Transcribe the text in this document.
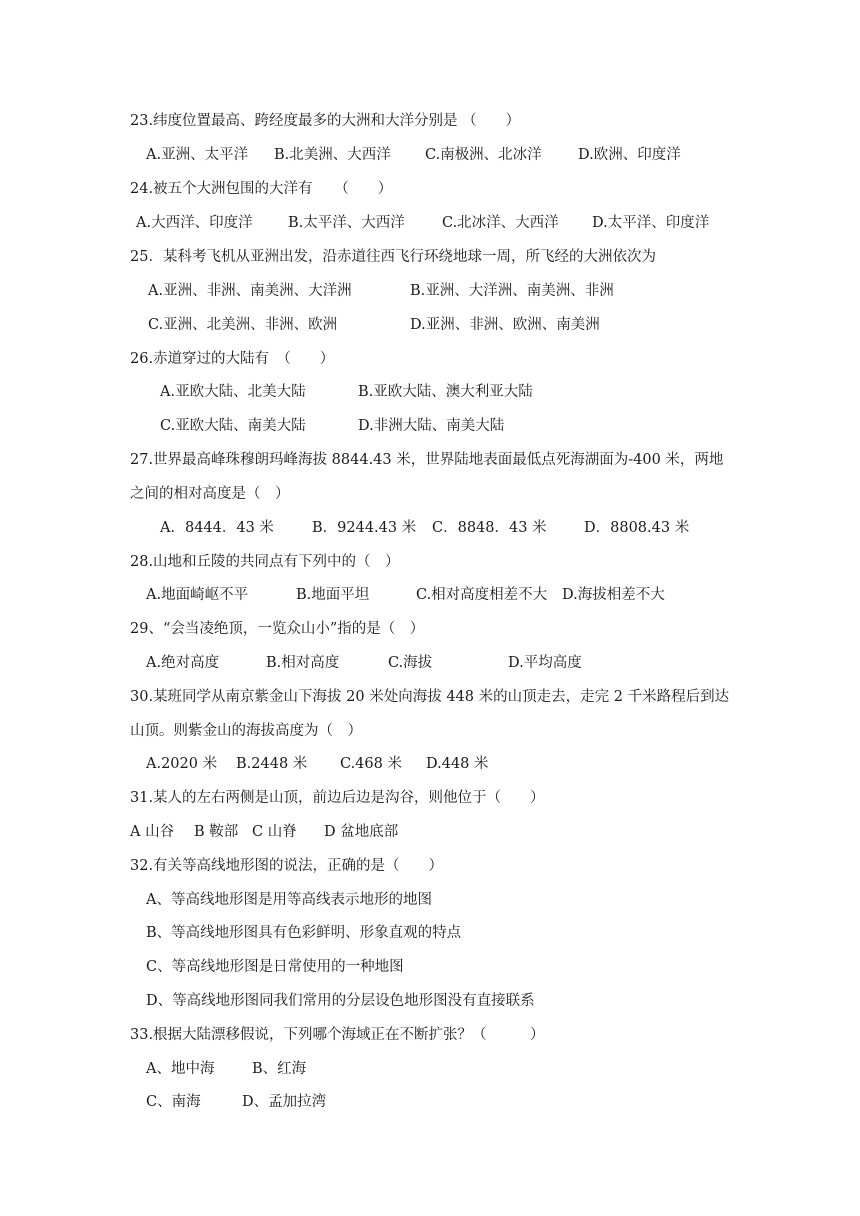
23.纬度位置最高、跨经度最多的大洲和大洋分别是 （　　）
A.亚洲、太平洋 B.北美洲、大西洋 C.南极洲、北冰洋	D.欧洲、印度洋
24.被五个大洲包围的大洋有　　（　　）
A.大西洋、印度洋 B.太平洋、大西洋	C.北冰洋、大西洋 D.太平洋、印度洋
25．某科考飞机从亚洲出发，沿赤道往西飞行环绕地球一周，所飞经的大洲依次为
A.亚洲、非洲、南美洲、大洋洲	B.亚洲、大洋洲、南美洲、非洲
C.亚洲、北美洲、非洲、欧洲	D.亚洲、非洲、欧洲、南美洲
26.赤道穿过的大陆有　（　　）
A.亚欧大陆、北美大陆	B.亚欧大陆、澳大利亚大陆
C.亚欧大陆、南美大陆	D.非洲大陆、南美大陆
27.世界最高峰珠穆朗玛峰海拔 8844.43 米，世界陆地表面最低点死海湖面为-400 米，两地
之间的相对高度是（　）
A．8444．43 米	B．9244.43 米 C．8848．43 米	D．8808.43 米
28.山地和丘陵的共同点有下列中的（　）
A.地面崎岖不平	B.地面平坦	C.相对高度相差不大 D.海拔相差不大
29、“会当凌绝顶，一览众山小”指的是（　）
A.绝对高度	B.相对高度	C.海拔	D.平均高度
30.某班同学从南京紫金山下海拔 20 米处向海拔 448 米的山顶走去，走完 2 千米路程后到达
山顶。则紫金山的海拔高度为（　）
A.2020 米 B.2448 米 C.468 米 D.448 米
31.某人的左右两侧是山顶，前边后边是沟谷，则他位于（　　）
A 山谷 B 鞍部 C 山脊 D 盆地底部
32.有关等高线地形图的说法，正确的是（　　）
A、等高线地形图是用等高线表示地形的地图
B、等高线地形图具有色彩鲜明、形象直观的特点
C、等高线地形图是日常使用的一种地图
D、等高线地形图同我们常用的分层设色地形图没有直接联系
33.根据大陆漂移假说，下列哪个海域正在不断扩张？（　　　）
A、地中海	B、红海
C、南海	D、孟加拉湾
